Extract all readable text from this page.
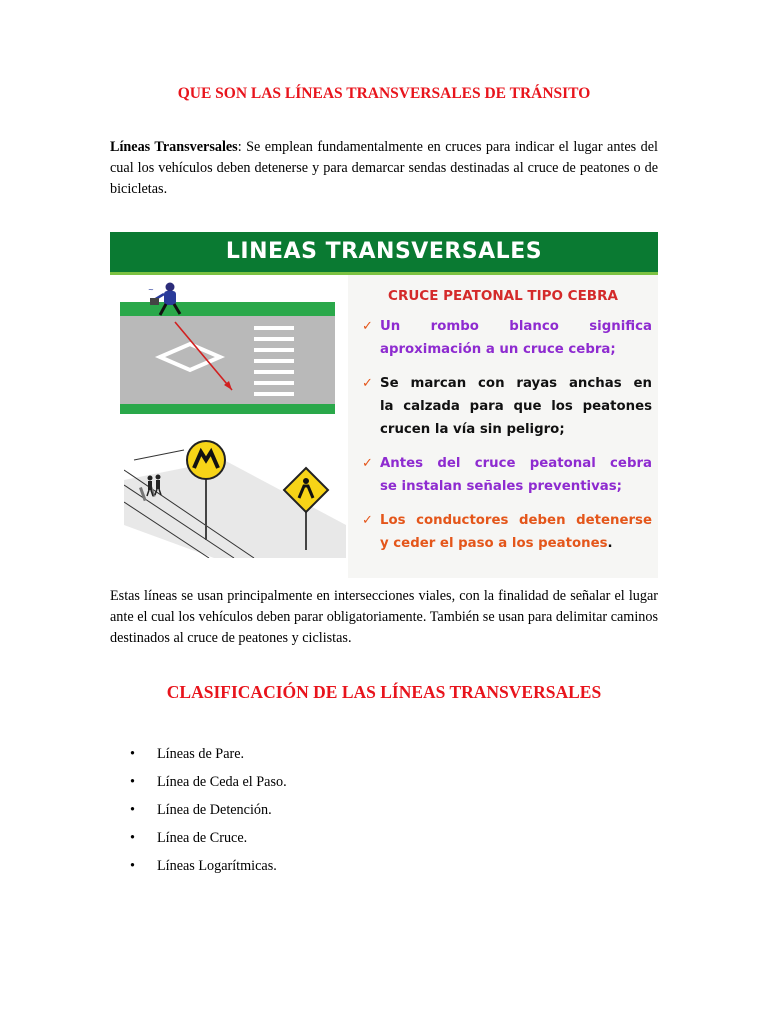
QUE SON LAS LÍNEAS TRANSVERSALES DE TRÁNSITO
Líneas Transversales: Se emplean fundamentalmente en cruces para indicar el lugar antes del cual los vehículos deben detenerse y para demarcar sendas destinadas al cruce de peatones o de bicicletas.
LINEAS TRANSVERSALES
~	CRUCE PEATONAL TIPO CEBRA
✓ Un rombo blanco significa
aproximación a un cruce cebra;
✓ Se marcan con rayas anchas en
la calzada para que los peatones
crucen la vía sin peligro;
✓ Antes del cruce peatonal cebra
se instalan señales preventivas;
✓ Los conductores deben detenerse
y ceder el paso a los peatones.
Estas líneas se usan principalmente en intersecciones viales, con la finalidad de señalar el lugar ante el cual los vehículos deben parar obligatoriamente. También se usan para delimitar caminos destinados al cruce de peatones y ciclistas.
CLASIFICACIÓN DE LAS LÍNEAS TRANSVERSALES
• Líneas de Pare.
• Línea de Ceda el Paso.
• Línea de Detención.
• Línea de Cruce.
• Líneas Logarítmicas.
